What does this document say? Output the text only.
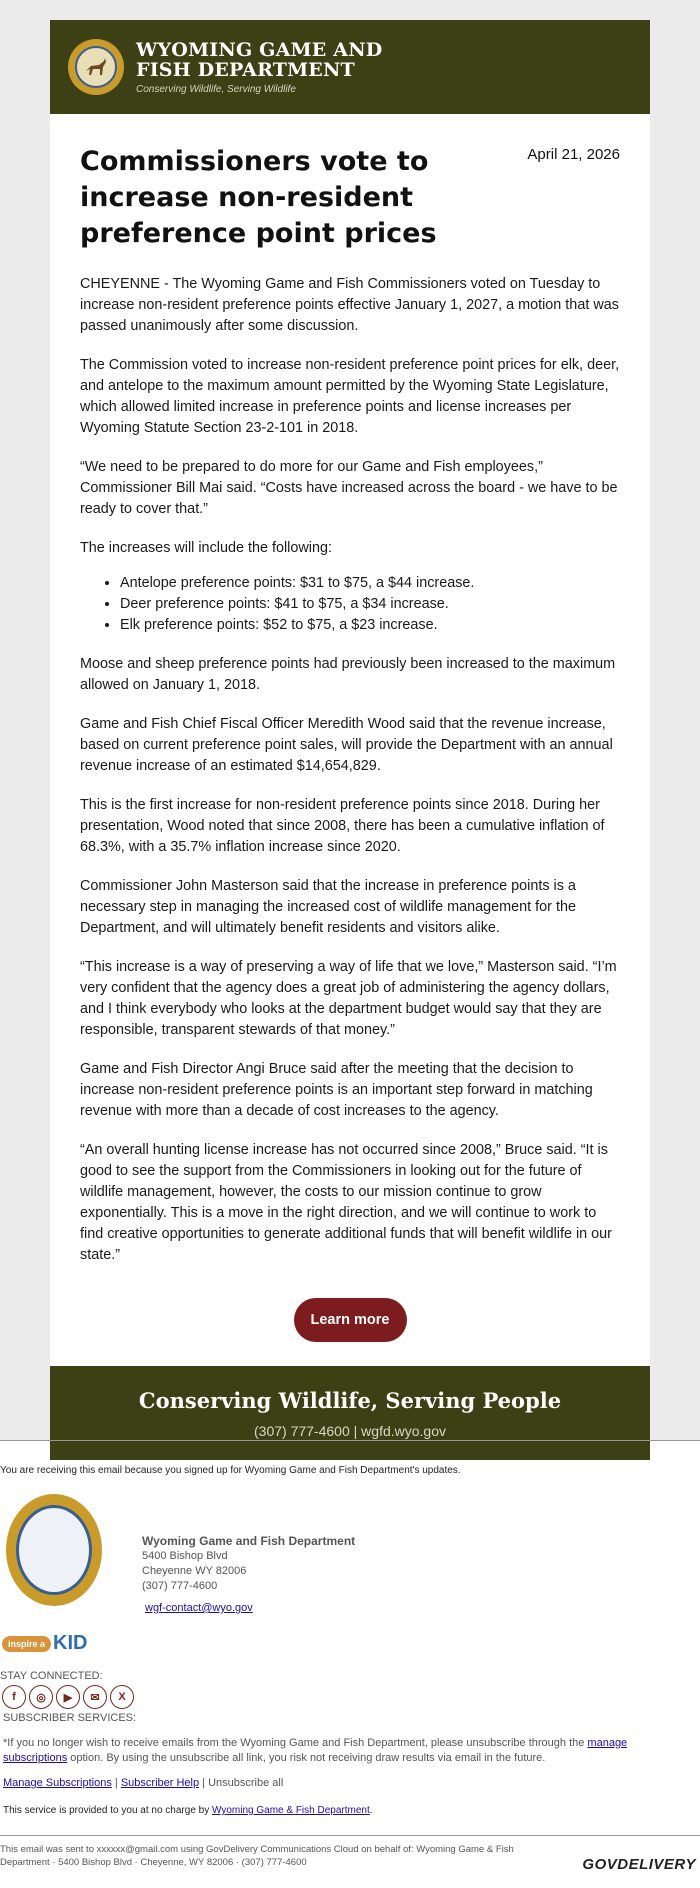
WYOMING GAME AND
FISH DEPARTMENT
Conserving Wildlife, Serving Wildlife
Commissioners vote to increase non-resident preference point prices
April 21, 2026

CHEYENNE - The Wyoming Game and Fish Commissioners voted on Tuesday to increase non-resident preference points effective January 1, 2027, a motion that was passed unanimously after some discussion.

The Commission voted to increase non-resident preference point prices for elk, deer, and antelope to the maximum amount permitted by the Wyoming State Legislature, which allowed limited increase in preference points and license increases per Wyoming Statute Section 23-2-101 in 2018.

“We need to be prepared to do more for our Game and Fish employees,” Commissioner Bill Mai said. “Costs have increased across the board - we have to be ready to cover that.”

The increases will include the following:

• Antelope preference points: $31 to $75, a $44 increase.
• Deer preference points: $41 to $75, a $34 increase.
• Elk preference points: $52 to $75, a $23 increase.

Moose and sheep preference points had previously been increased to the maximum allowed on January 1, 2018.

Game and Fish Chief Fiscal Officer Meredith Wood said that the revenue increase, based on current preference point sales, will provide the Department with an annual revenue increase of an estimated $14,654,829.

This is the first increase for non-resident preference points since 2018. During her presentation, Wood noted that since 2008, there has been a cumulative inflation of 68.3%, with a 35.7% inflation increase since 2020.

Commissioner John Masterson said that the increase in preference points is a necessary step in managing the increased cost of wildlife management for the Department, and will ultimately benefit residents and visitors alike.

“This increase is a way of preserving a way of life that we love,” Masterson said. “I’m very confident that the agency does a great job of administering the agency dollars, and I think everybody who looks at the department budget would say that they are responsible, transparent stewards of that money.”

Game and Fish Director Angi Bruce said after the meeting that the decision to increase non-resident preference points is an important step forward in matching revenue with more than a decade of cost increases to the agency.

“An overall hunting license increase has not occurred since 2008,” Bruce said. “It is good to see the support from the Commissioners in looking out for the future of wildlife management, however, the costs to our mission continue to grow exponentially. This is a move in the right direction, and we will continue to work to find creative opportunities to generate additional funds that will benefit wildlife in our state.”

Learn more
Conserving Wildlife, Serving People
(307) 777-4600 | wgfd.wyo.gov
You are receiving this email because you signed up for Wyoming Game and Fish Department's updates.
Wyoming Game and Fish Department
5400 Bishop Blvd
Cheyenne WY 82006
(307) 777-4600
wgf-contact@wyo.gov
inspire a KID
STAY CONNECTED:
f	◎	▶	✉	X
SUBSCRIBER SERVICES:
*If you no longer wish to receive emails from the Wyoming Game and Fish Department, please unsubscribe through the manage subscriptions option. By using the unsubscribe all link, you risk not receiving draw results via email in the future.
Manage Subscriptions | Subscriber Help | Unsubscribe all
This service is provided to you at no charge by Wyoming Game & Fish Department.
This email was sent to xxxxxx@gmail.com using GovDelivery Communications Cloud on behalf of: Wyoming Game & Fish Department · 5400 Bishop Blvd · Cheyenne, WY 82006 · (307) 777-4600	GOVDELIVERY
